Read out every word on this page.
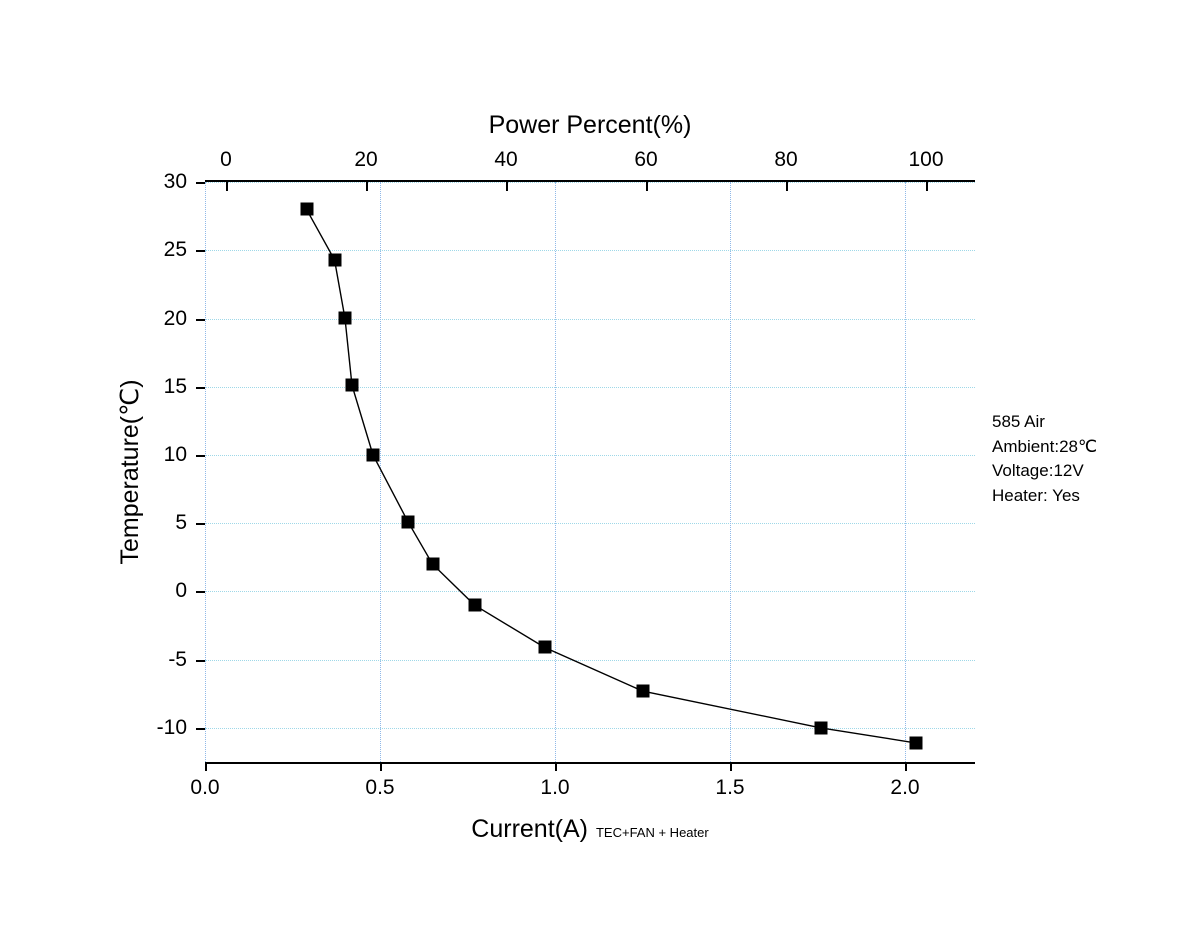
Power Percent(%)
30
25
20
15
10
5
0
-5
-10
0.0	0.5	1.0	1.5	2.0
0	20	40	60	80	100
Temperature(℃)
Current(A) TEC+FAN + Heater
585 Air
Ambient:28℃
Voltage:12V
Heater: Yes
